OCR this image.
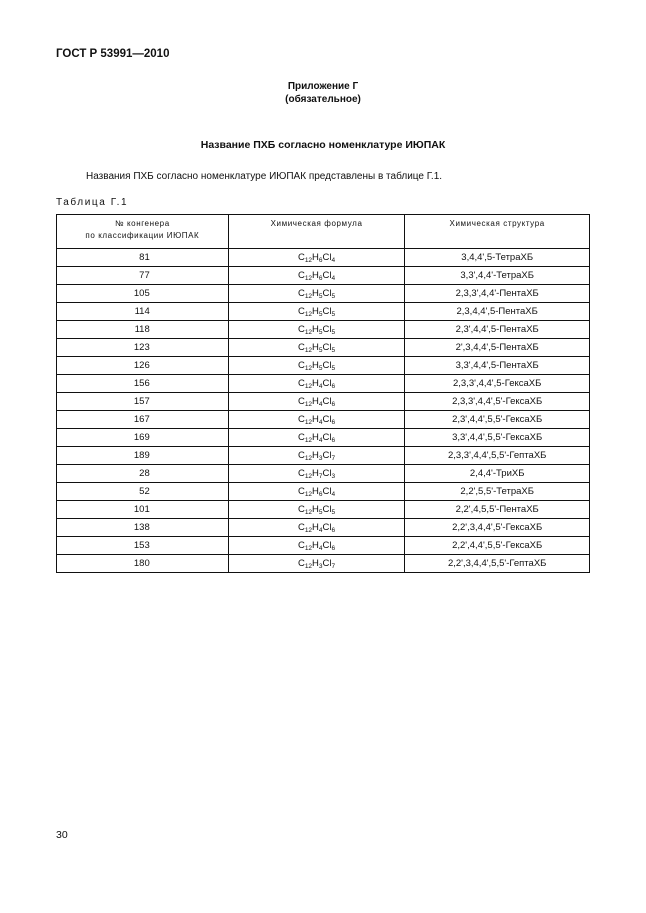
ГОСТ Р 53991—2010
Приложение Г
(обязательное)
Название ПХБ согласно номенклатуре ИЮПАК
Названия ПХБ согласно номенклатуре ИЮПАК представлены в таблице Г.1.
Таблица Г.1
№ конгенера
по классификации ИЮПАК	Химическая формула	Химическая структура
81	$C_{12}H_6Cl_4$	3,4,4',5-ТетраХБ
77	$C_{12}H_6Cl_4$	3,3',4,4'-ТетраХБ
105	$C_{12}H_5Cl_5$	2,3,3',4,4'-ПентаХБ
114	$C_{12}H_5Cl_5$	2,3,4,4',5-ПентаХБ
118	$C_{12}H_5Cl_5$	2,3',4,4',5-ПентаХБ
123	$C_{12}H_5Cl_5$	2',3,4,4',5-ПентаХБ
126	$C_{12}H_5Cl_5$	3,3',4,4',5-ПентаХБ
156	$C_{12}H_4Cl_6$	2,3,3',4,4',5-ГексаХБ
157	$C_{12}H_4Cl_6$	2,3,3',4,4',5'-ГексаХБ
167	$C_{12}H_4Cl_6$	2,3',4,4',5,5'-ГексаХБ
169	$C_{12}H_4Cl_6$	3,3',4,4',5,5'-ГексаХБ
189	$C_{12}H_3Cl_7$	2,3,3',4,4',5,5'-ГептаХБ
28	$C_{12}H_7Cl_3$	2,4,4'-ТриХБ
52	$C_{12}H_6Cl_4$	2,2',5,5'-ТетраХБ
101	$C_{12}H_5Cl_5$	2,2',4,5,5'-ПентаХБ
138	$C_{12}H_4Cl_6$	2,2',3,4,4',5'-ГексаХБ
153	$C_{12}H_4Cl_6$	2,2',4,4',5,5'-ГексаХБ
180	$C_{12}H_3Cl_7$	2,2',3,4,4',5,5'-ГептаХБ
30
